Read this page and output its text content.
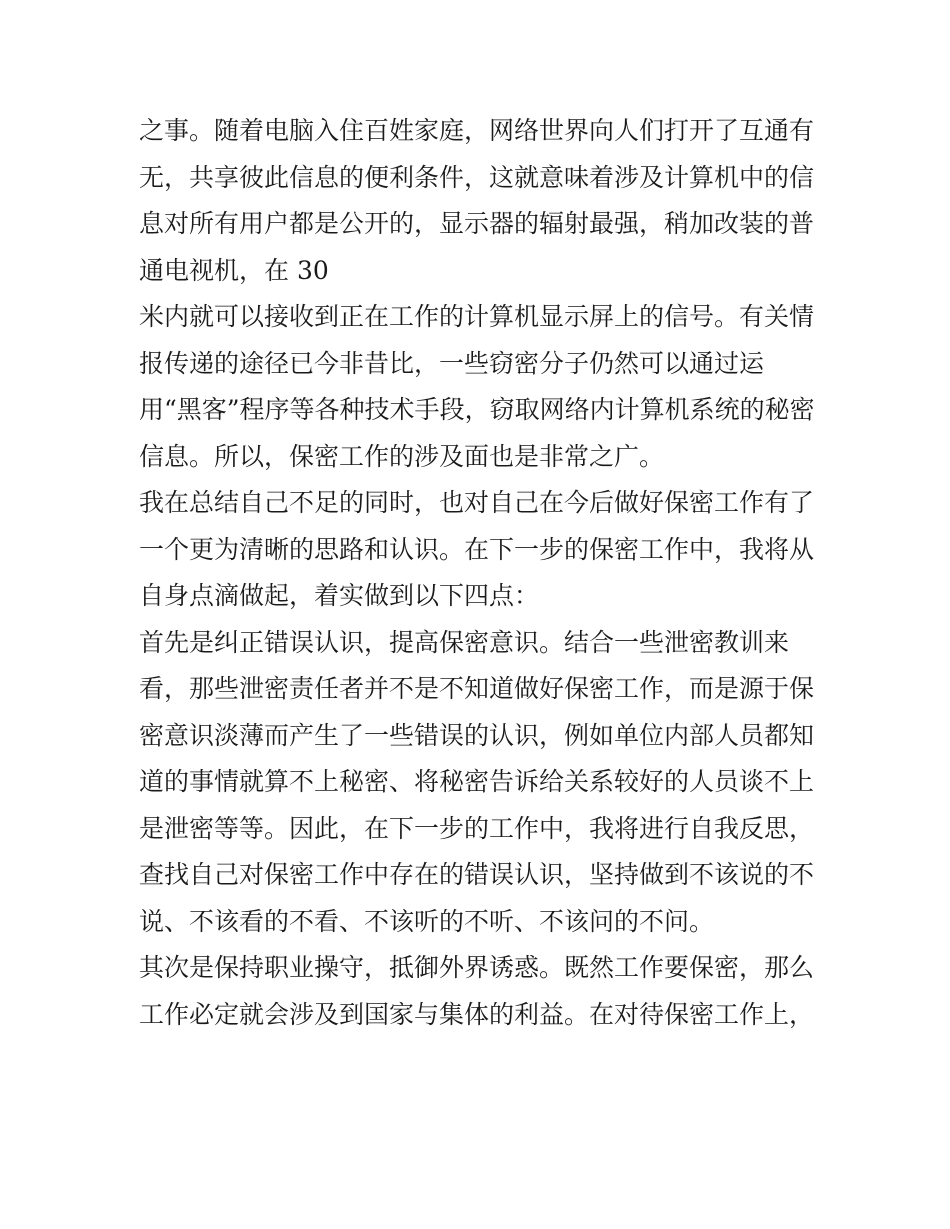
之事。随着电脑入住百姓家庭，网络世界向人们打开了互通有
无，共享彼此信息的便利条件，这就意味着涉及计算机中的信
息对所有用户都是公开的，显示器的辐射最强，稍加改装的普
通电视机，在 30
米内就可以接收到正在工作的计算机显示屏上的信号。有关情
报传递的途径已今非昔比，一些窃密分子仍然可以通过运
用“黑客”程序等各种技术手段，窃取网络内计算机系统的秘密
信息。所以，保密工作的涉及面也是非常之广。
我在总结自己不足的同时，也对自己在今后做好保密工作有了
一个更为清晰的思路和认识。在下一步的保密工作中，我将从
自身点滴做起，着实做到以下四点：
首先是纠正错误认识，提高保密意识。结合一些泄密教训来
看，那些泄密责任者并不是不知道做好保密工作，而是源于保
密意识淡薄而产生了一些错误的认识，例如单位内部人员都知
道的事情就算不上秘密、将秘密告诉给关系较好的人员谈不上
是泄密等等。因此，在下一步的工作中，我将进行自我反思，
查找自己对保密工作中存在的错误认识，坚持做到不该说的不
说、不该看的不看、不该听的不听、不该问的不问。
其次是保持职业操守，抵御外界诱惑。既然工作要保密，那么
工作必定就会涉及到国家与集体的利益。在对待保密工作上，
